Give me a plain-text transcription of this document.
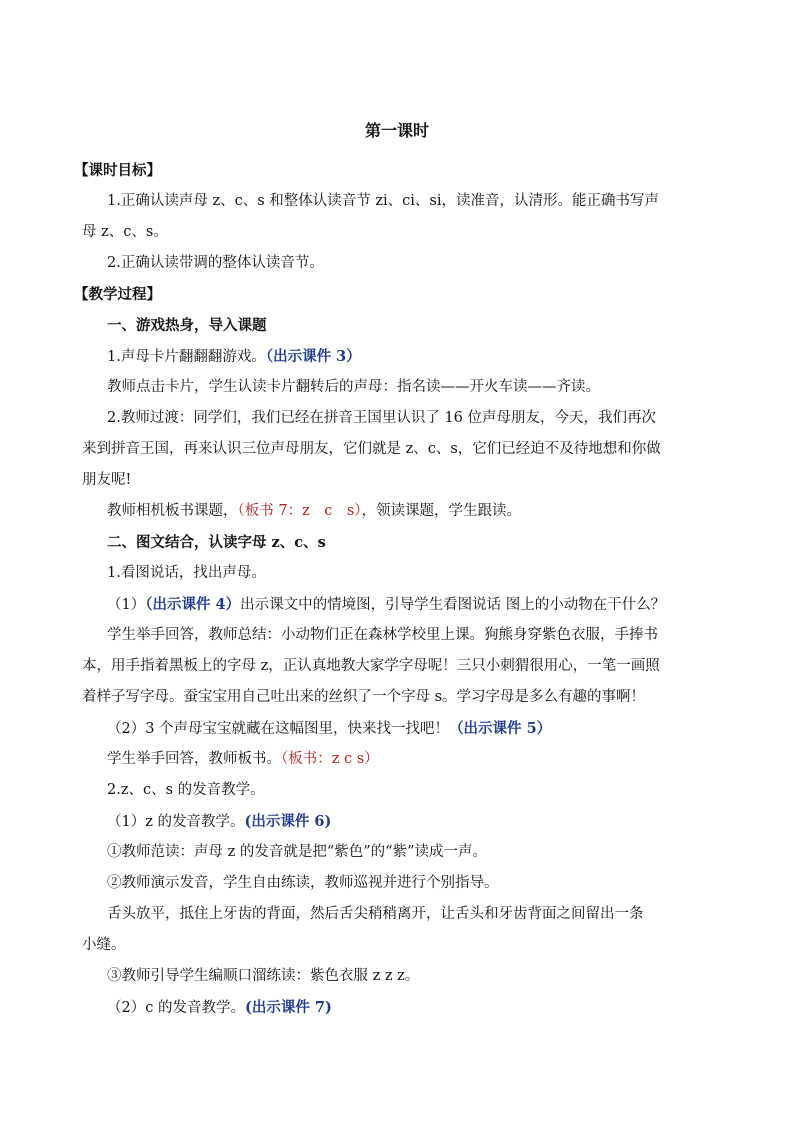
第一课时
【课时目标】
1.正确认读声母 z、c、s 和整体认读音节 zi、ci、si，读准音，认清形。能正确书写声
母 z、c、s。
2.正确认读带调的整体认读音节。
【教学过程】
一、游戏热身，导入课题
1.声母卡片翻翻翻游戏。（出示课件 3）
教师点击卡片，学生认读卡片翻转后的声母：指名读——开火车读——齐读。
2.教师过渡：同学们，我们已经在拼音王国里认识了 16 位声母朋友，今天，我们再次
来到拼音王国，再来认识三位声母朋友，它们就是 z、c、s，它们已经迫不及待地想和你做
朋友呢!
教师相机板书课题，（板书 7：z　c　s），领读课题，学生跟读。
二、图文结合，认读字母 z、c、s
1.看图说话，找出声母。
（1）（出示课件 4）出示课文中的情境图，引导学生看图说话 图上的小动物在干什么？
学生举手回答，教师总结：小动物们正在森林学校里上课。狗熊身穿紫色衣服，手捧书
本，用手指着黑板上的字母 z，正认真地教大家学字母呢！三只小刺猬很用心，一笔一画照
着样子写字母。蚕宝宝用自己吐出来的丝织了一个字母 s。学习字母是多么有趣的事啊！
（2）3 个声母宝宝就藏在这幅图里，快来找一找吧！（出示课件 5）
学生举手回答，教师板书。（板书：z c s）
2.z、c、s 的发音教学。
（1）z 的发音教学。(出示课件 6)
①教师范读：声母 z 的发音就是把“紫色”的“紫”读成一声。
②教师演示发音，学生自由练读，教师巡视并进行个别指导。
舌头放平，抵住上牙齿的背面，然后舌尖稍稍离开，让舌头和牙齿背面之间留出一条
小缝。
③教师引导学生编顺口溜练读：紫色衣服 z z z。
（2）c 的发音教学。(出示课件 7)
